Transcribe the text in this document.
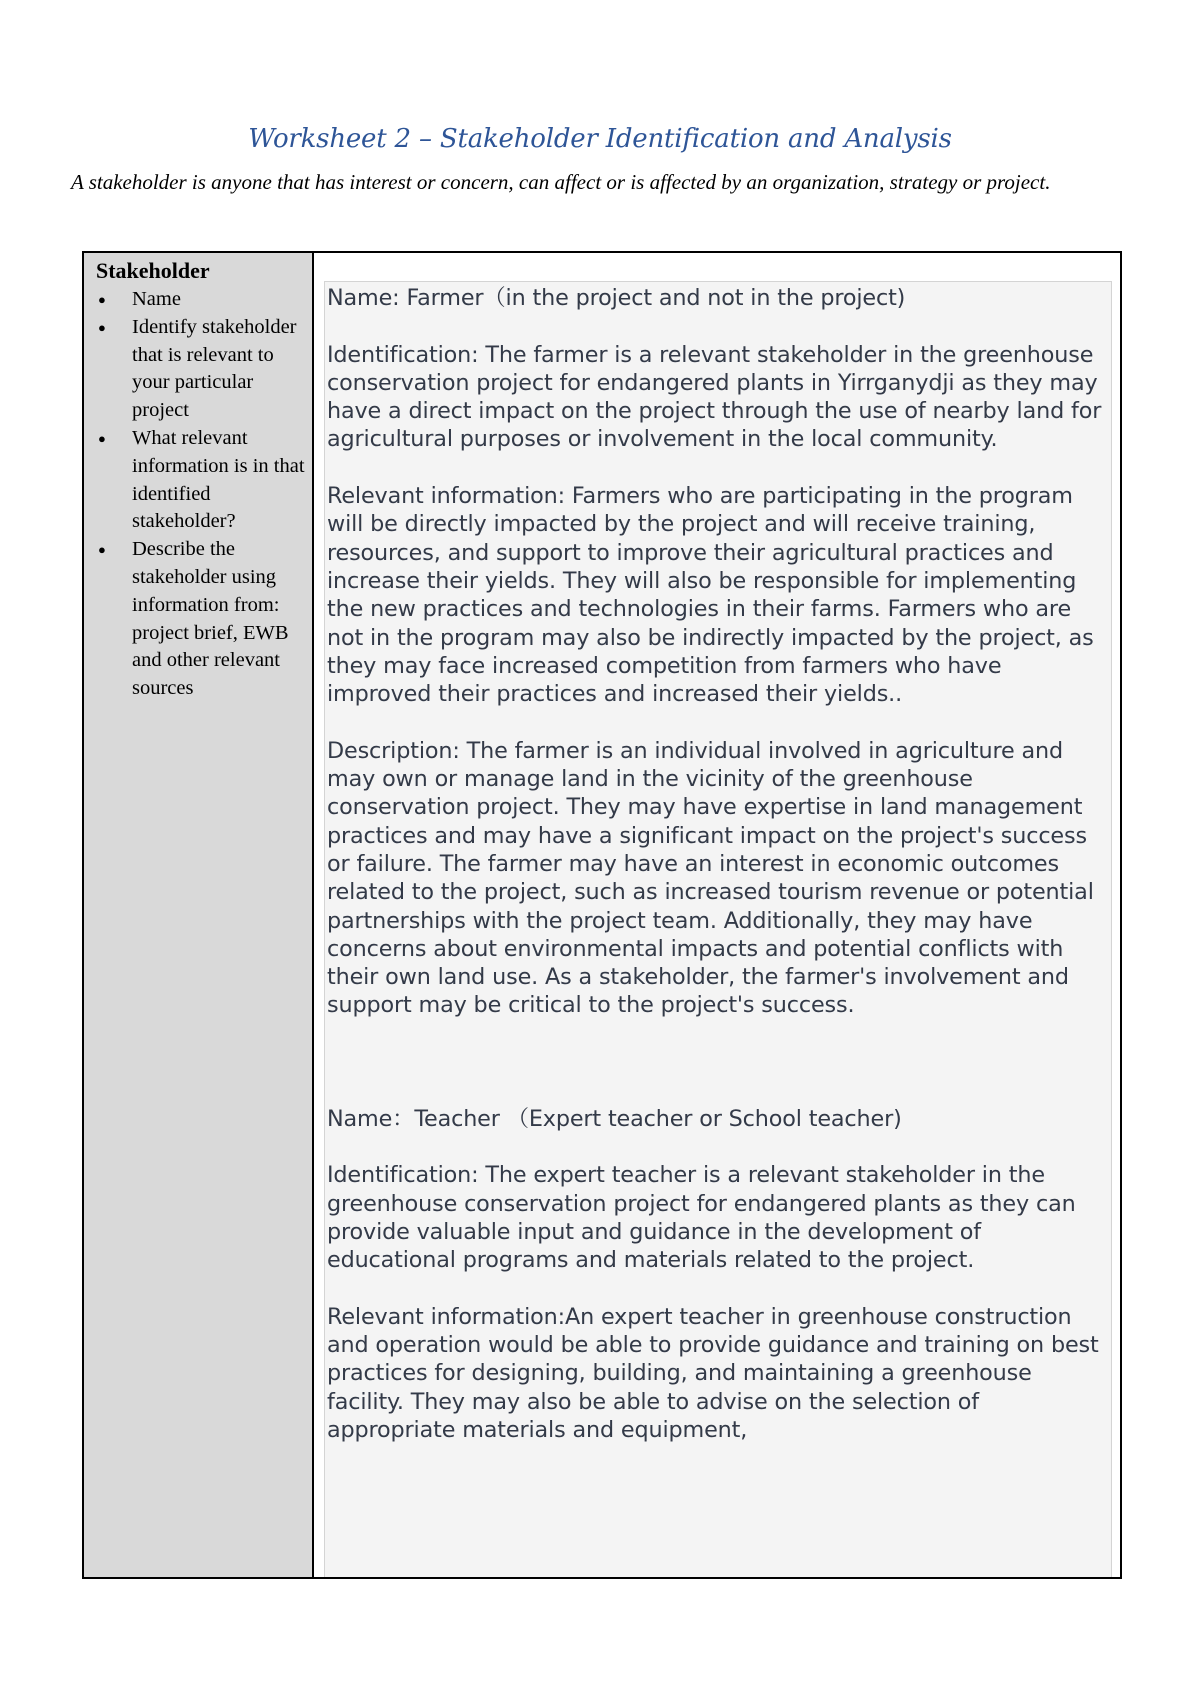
Worksheet 2 – Stakeholder Identification and Analysis
A stakeholder is anyone that has interest or concern, can affect or is affected by an organization, strategy or project.
Stakeholder
● Name
● Identify stakeholder that is relevant to your particular project
● What relevant information is in that identified stakeholder?
● Describe the stakeholder using information from: project brief, EWB and other relevant sources

Name: Farmer（in the project and not in the project)

Identification: The farmer is a relevant stakeholder in the greenhouse conservation project for endangered plants in Yirrganydji as they may have a direct impact on the project through the use of nearby land for agricultural purposes or involvement in the local community.

Relevant information: Farmers who are participating in the program will be directly impacted by the project and will receive training, resources, and support to improve their agricultural practices and increase their yields. They will also be responsible for implementing the new practices and technologies in their farms. Farmers who are not in the program may also be indirectly impacted by the project, as they may face increased competition from farmers who have improved their practices and increased their yields..

Description: The farmer is an individual involved in agriculture and may own or manage land in the vicinity of the greenhouse conservation project. They may have expertise in land management practices and may have a significant impact on the project's success or failure. The farmer may have an interest in economic outcomes related to the project, such as increased tourism revenue or potential partnerships with the project team. Additionally, they may have concerns about environmental impacts and potential conflicts with their own land use. As a stakeholder, the farmer's involvement and support may be critical to the project's success.

Name：Teacher （Expert teacher or School teacher)

Identification: The expert teacher is a relevant stakeholder in the greenhouse conservation project for endangered plants as they can provide valuable input and guidance in the development of educational programs and materials related to the project.

Relevant information:An expert teacher in greenhouse construction and operation would be able to provide guidance and training on best practices for designing, building, and maintaining a greenhouse facility. They may also be able to advise on the selection of appropriate materials and equipment,
